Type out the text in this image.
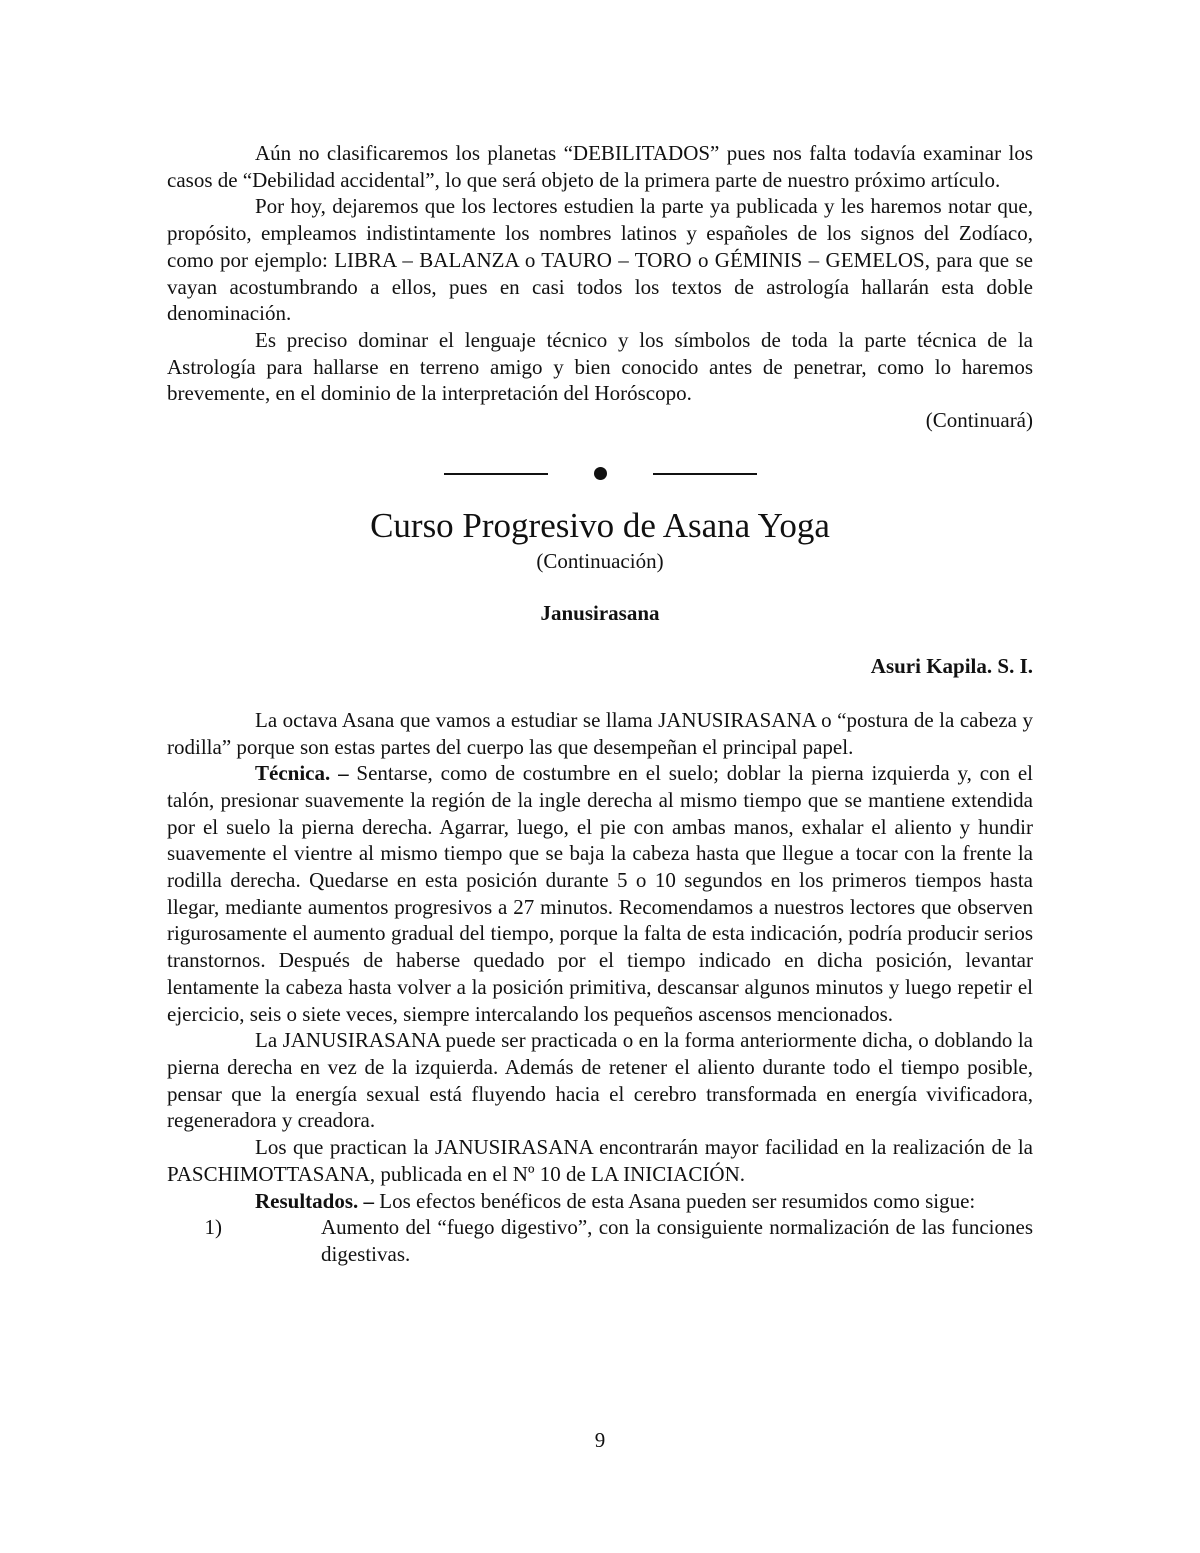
Aún no clasificaremos los planetas “DEBILITADOS” pues nos falta todavía examinar los casos de “Debilidad accidental”, lo que será objeto de la primera parte de nuestro próximo artículo.

Por hoy, dejaremos que los lectores estudien la parte ya publicada y les haremos notar que, propósito, empleamos indistintamente los nombres latinos y españoles de los signos del Zodíaco, como por ejemplo: LIBRA – BALANZA o TAURO – TORO o GÉMINIS – GEMELOS, para que se vayan acostumbrando a ellos, pues en casi todos los textos de astrología hallarán esta doble denominación.

Es preciso dominar el lenguaje técnico y los símbolos de toda la parte técnica de la Astrología para hallarse en terreno amigo y bien conocido antes de penetrar, como lo haremos brevemente, en el dominio de la interpretación del Horóscopo.

(Continuará)

Curso Progresivo de Asana Yoga
(Continuación)
Janusirasana
Asuri Kapila. S. I.

La octava Asana que vamos a estudiar se llama JANUSIRASANA o “postura de la cabeza y rodilla” porque son estas partes del cuerpo las que desempeñan el principal papel.

Técnica. – Sentarse, como de costumbre en el suelo; doblar la pierna izquierda y, con el talón, presionar suavemente la región de la ingle derecha al mismo tiempo que se mantiene extendida por el suelo la pierna derecha. Agarrar, luego, el pie con ambas manos, exhalar el aliento y hundir suavemente el vientre al mismo tiempo que se baja la cabeza hasta que llegue a tocar con la frente la rodilla derecha. Quedarse en esta posición durante 5 o 10 segundos en los primeros tiempos hasta llegar, mediante aumentos progresivos a 27 minutos. Recomendamos a nuestros lectores que observen rigurosamente el aumento gradual del tiempo, porque la falta de esta indicación, podría producir serios transtornos. Después de haberse quedado por el tiempo indicado en dicha posición, levantar lentamente la cabeza hasta volver a la posición primitiva, descansar algunos minutos y luego repetir el ejercicio, seis o siete veces, siempre intercalando los pequeños ascensos mencionados.

La JANUSIRASANA puede ser practicada o en la forma anteriormente dicha, o doblando la pierna derecha en vez de la izquierda. Además de retener el aliento durante todo el tiempo posible, pensar que la energía sexual está fluyendo hacia el cerebro transformada en energía vivificadora, regeneradora y creadora.

Los que practican la JANUSIRASANA encontrarán mayor facilidad en la realización de la PASCHIMOTTASANA, publicada en el Nº 10 de LA INICIACIÓN.

Resultados. – Los efectos benéficos de esta Asana pueden ser resumidos como sigue:

1)	Aumento del “fuego digestivo”, con la consiguiente normalización de las funciones digestivas.
9
